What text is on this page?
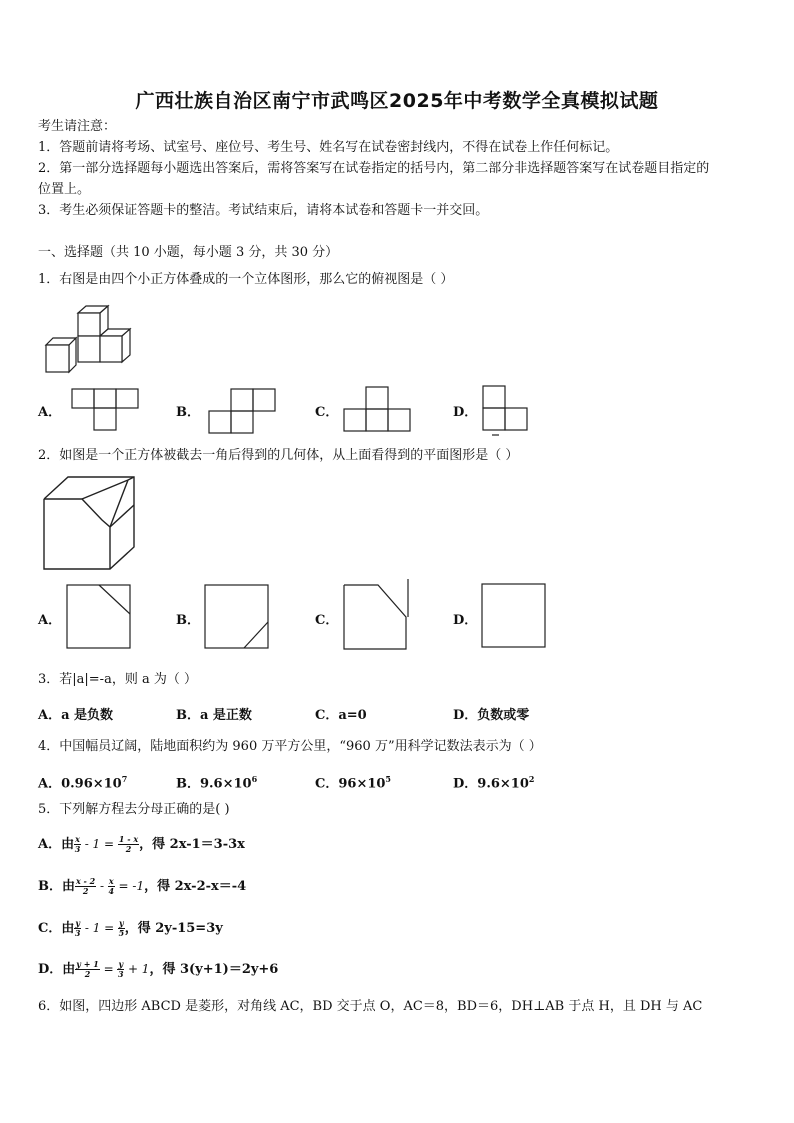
广西壮族自治区南宁市武鸣区2025年中考数学全真模拟试题
考生请注意：
1．答题前请将考场、试室号、座位号、考生号、姓名写在试卷密封线内，不得在试卷上作任何标记。
2．第一部分选择题每小题选出答案后，需将答案写在试卷指定的括号内，第二部分非选择题答案写在试卷题目指定的
位置上。
3．考生必须保证答题卡的整洁。考试结束后，请将本试卷和答题卡一并交回。
一、选择题（共 10 小题，每小题 3 分，共 30 分）
1．右图是由四个小正方体叠成的一个立体图形，那么它的俯视图是（ ）
A．	B．	C．	D．
2．如图是一个正方体被截去一角后得到的几何体，从上面看得到的平面图形是（ ）
A．	B．	C．	D．
3．若|a|=-a，则 a 为（ ）
A．a 是负数	B．a 是正数	C．a=0	D．负数或零
4．中国幅员辽阔，陆地面积约为 960 万平方公里，“960 万”用科学记数法表示为（ ）
A．$0.96\times 10^7$	B．$9.6\times 10^6$	C．$96\times 10^5$	D．$9.6\times 10^2$
5．下列解方程去分母正确的是( )
A．由 $\frac{x}{3} - 1 = \frac{1 - x}{2}$ ，得 2x-1＝3-3x
B．由 $\frac{x - 2}{2} - \frac{x}{4} = -1$，得 2x-2-x＝-4
C．由 $\frac{y}{3} - 1 = \frac{y}{5}$ ，得 2y-15=3y
D．由 $\frac{y + 1}{2} = \frac{y}{3} + 1$，得 3(y+1)＝2y+6
6．如图，四边形 ABCD 是菱形，对角线 AC，BD 交于点 O，AC＝8，BD＝6，DH⊥AB 于点 H，且 DH 与 AC
